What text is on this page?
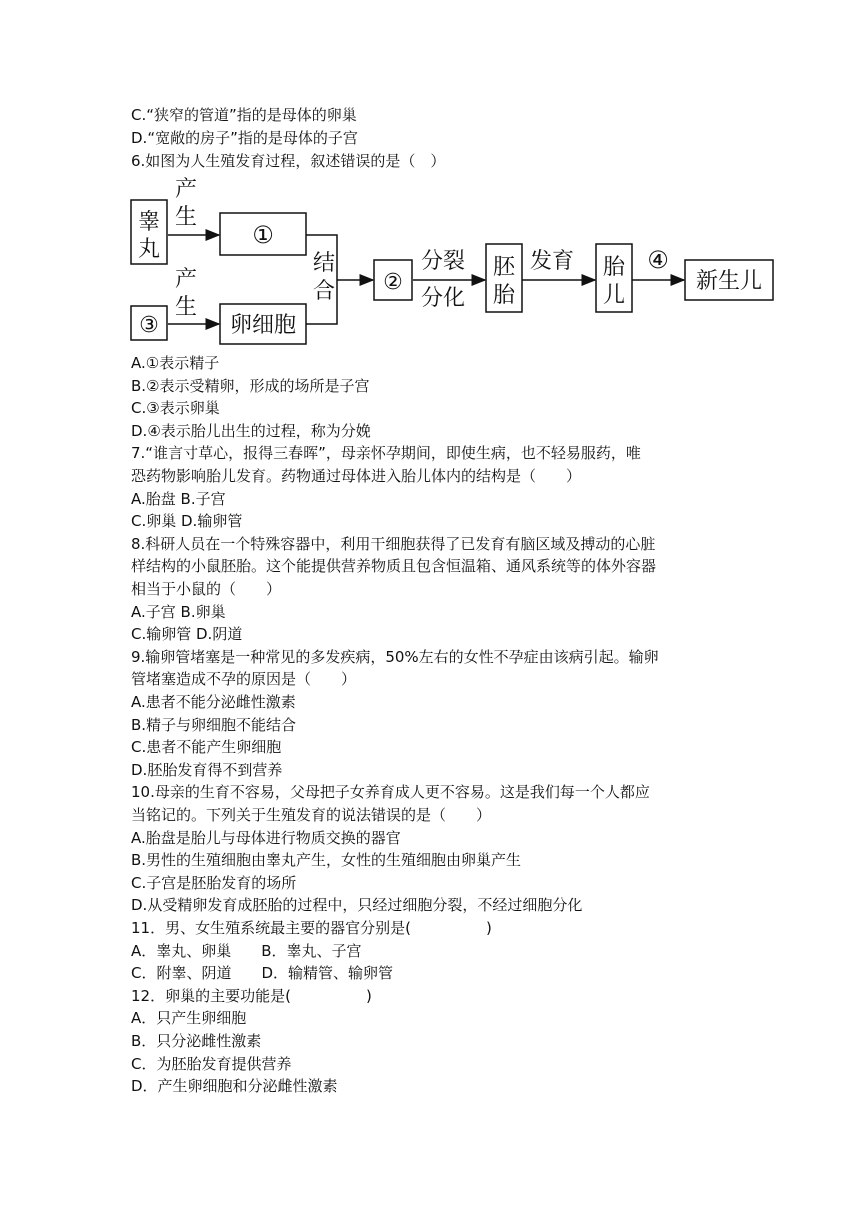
C.“狭窄的管道”指的是母体的卵巢
D.“宽敞的房子”指的是母体的子宫
6.如图为人生殖发育过程，叙述错误的是（　）
睾
丸
产
生
①
③
产
生
卵细胞
结
合 ②
分裂
分化
胚
胎
发育 胎
儿
④
新生儿
A.①表示精子
B.②表示受精卵，形成的场所是子宫
C.③表示卵巢
D.④表示胎儿出生的过程，称为分娩
7.“谁言寸草心，报得三春晖”，母亲怀孕期间，即使生病，也不轻易服药，唯
恐药物影响胎儿发育。药物通过母体进入胎儿体内的结构是（　　）
A.胎盘 B.子宫
C.卵巢 D.输卵管
8.科研人员在一个特殊容器中，利用干细胞获得了已发育有脑区域及搏动的心脏
样结构的小鼠胚胎。这个能提供营养物质且包含恒温箱、通风系统等的体外容器
相当于小鼠的（　　）
A.子宫 B.卵巢
C.输卵管 D.阴道
9.输卵管堵塞是一种常见的多发疾病，50%左右的女性不孕症由该病引起。输卵
管堵塞造成不孕的原因是（　　）
A.患者不能分泌雌性激素
B.精子与卵细胞不能结合
C.患者不能产生卵细胞
D.胚胎发育得不到营养
10.母亲的生育不容易，父母把子女养育成人更不容易。这是我们每一个人都应
当铭记的。下列关于生殖发育的说法错误的是（　　）
A.胎盘是胎儿与母体进行物质交换的器官
B.男性的生殖细胞由睾丸产生，女性的生殖细胞由卵巢产生
C.子宫是胚胎发育的场所
D.从受精卵发育成胚胎的过程中，只经过细胞分裂，不经过细胞分化
11．男、女生殖系统最主要的器官分别是(　　　　　)
A．睾丸、卵巢　　B．睾丸、子宫
C．附睾、阴道　　D．输精管、输卵管
12．卵巢的主要功能是(　　　　　)
A．只产生卵细胞
B．只分泌雌性激素
C．为胚胎发育提供营养
D．产生卵细胞和分泌雌性激素
